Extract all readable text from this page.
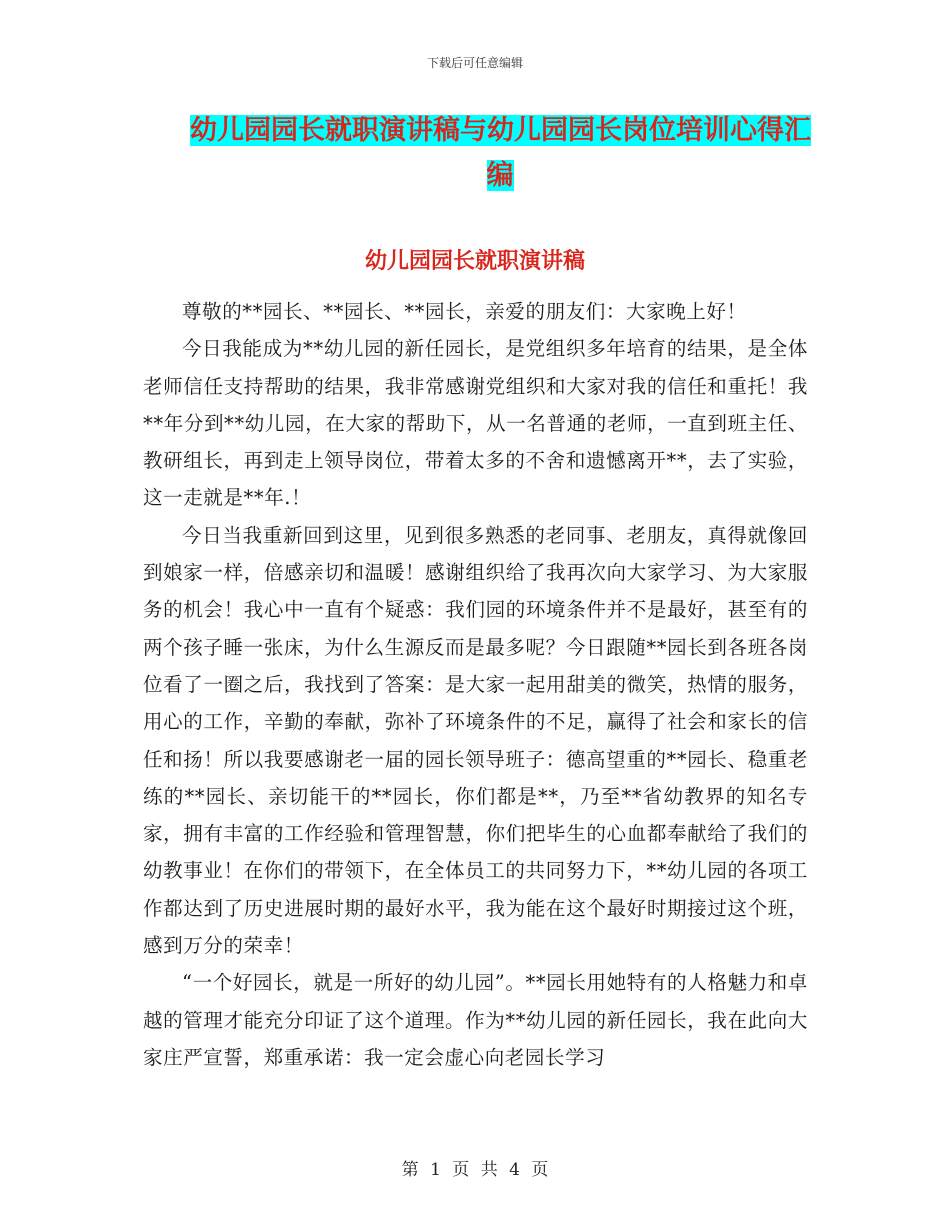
下载后可任意编辑
幼儿园园长就职演讲稿与幼儿园园长岗位培训心得汇
编
幼儿园园长就职演讲稿

尊敬的**园长、**园长、**园长，亲爱的朋友们：大家晚上好！

今日我能成为**幼儿园的新任园长，是党组织多年培育的结果，是全体老师信任支持帮助的结果，我非常感谢党组织和大家对我的信任和重托！我**年分到**幼儿园，在大家的帮助下，从一名普通的老师，一直到班主任、教研组长，再到走上领导岗位，带着太多的不舍和遗憾离开**，去了实验，这一走就是**年.！

今日当我重新回到这里，见到很多熟悉的老同事、老朋友，真得就像回到娘家一样，倍感亲切和温暖！感谢组织给了我再次向大家学习、为大家服务的机会！我心中一直有个疑惑：我们园的环境条件并不是最好，甚至有的两个孩子睡一张床，为什么生源反而是最多呢？今日跟随**园长到各班各岗位看了一圈之后，我找到了答案：是大家一起用甜美的微笑，热情的服务，用心的工作，辛勤的奉献，弥补了环境条件的不足，赢得了社会和家长的信任和扬！所以我要感谢老一届的园长领导班子：德高望重的**园长、稳重老练的**园长、亲切能干的**园长，你们都是**，乃至**省幼教界的知名专家，拥有丰富的工作经验和管理智慧，你们把毕生的心血都奉献给了我们的幼教事业！在你们的带领下，在全体员工的共同努力下，**幼儿园的各项工作都达到了历史进展时期的最好水平，我为能在这个最好时期接过这个班，感到万分的荣幸！

“一个好园长，就是一所好的幼儿园”。**园长用她特有的人格魅力和卓越的管理才能充分印证了这个道理。作为**幼儿园的新任园长，我在此向大家庄严宣誓，郑重承诺：我一定会虚心向老园长学习

第 1 页 共 4 页
